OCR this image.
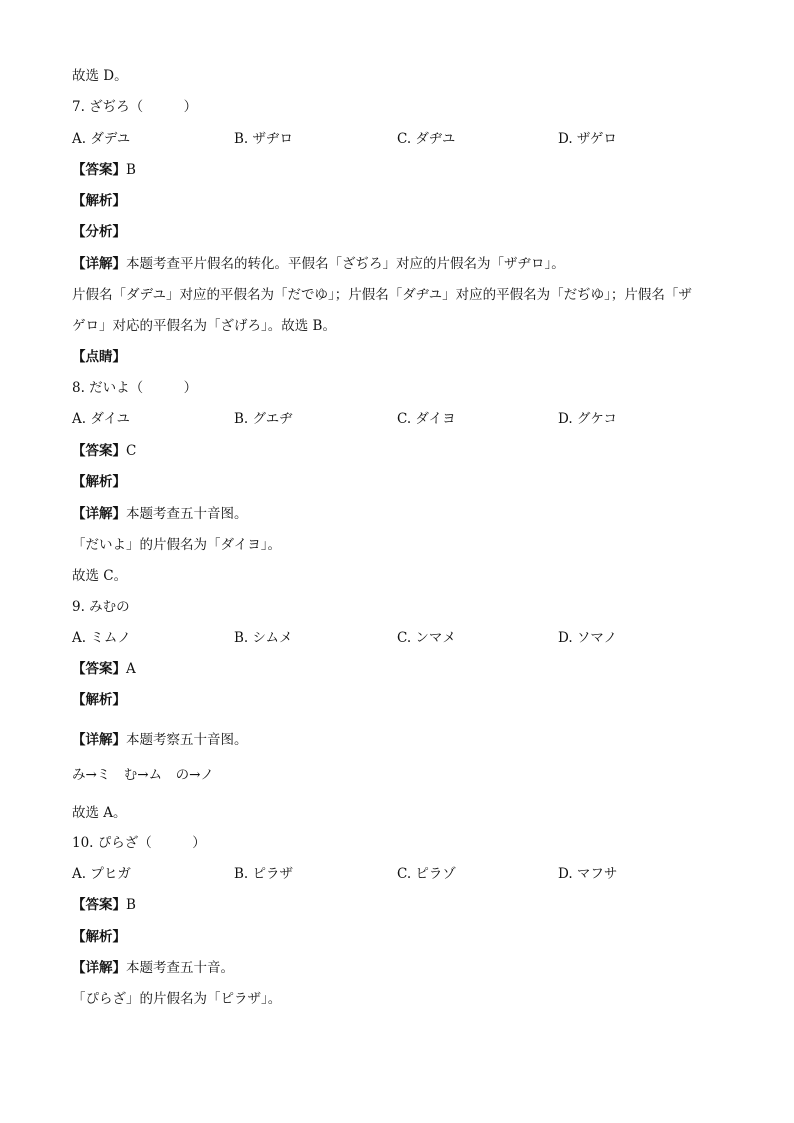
故选 D。
7. ざぢろ（　　　）
A. ダデユ	B. ザヂロ	C. ダヂユ	D. ザゲロ
【答案】B
【解析】
【分析】
【详解】本题考查平片假名的转化。平假名「ざぢろ」对应的片假名为「ザヂロ」。
片假名「ダデユ」对应的平假名为「だでゆ」；片假名「ダヂユ」对应的平假名为「だぢゆ」；片假名「ザ
ゲロ」对応的平假名为「ざげろ」。故选 B。
【点睛】
8. だいよ（　　　）
A. ダイユ	B. グエヂ	C. ダイヨ	D. グケコ
【答案】C
【解析】
【详解】本题考查五十音图。
「だいよ」的片假名为「ダイヨ」。
故选 C。
9. みむの
A. ミムノ	B. シムメ	C. ンマメ	D. ソマノ
【答案】A
【解析】
【详解】本题考察五十音图。
み→ミ　む→ム　の→ノ
故选 A。
10. ぴらざ（　　　）
A. プヒガ	B. ピラザ	C. ピラゾ	D. マフサ
【答案】B
【解析】
【详解】本题考查五十音。
「ぴらざ」的片假名为「ピラザ」。
